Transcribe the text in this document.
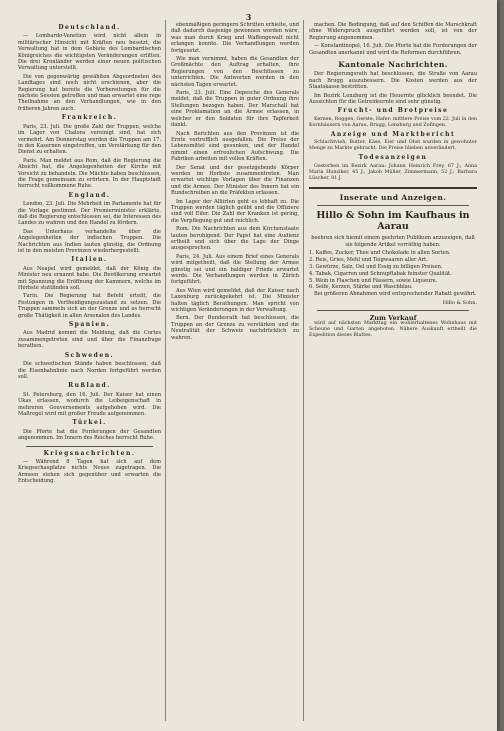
3
Deutschland.
— Lombardo-Venetien wird nicht allein in militärischer Hinsicht mit Kräften neu besetzt, die Verwaltung hat in dem Gebiete des Lombardischen Königreiches die wichtigsten Veränderungen erlitten. Die drei Kronländer werden einer neuen politischen Verwaltung unterstellt.
Die von gegenwärtig gewählten Abgeordneten des Landtages sind noch nicht erschienen, aber die Regierung hat bereits die Vorbereitungen für die nächste Session getroffen und man erwartet eine rege Theilnahme an den Verhandlungen, wie in den früheren Jahren auch.
Frankreich.
Paris, 23. Juli. Die große Zahl der Truppen, welche im Lager von Chalons vereinigt sind, hat sich vermehrt. Am Donnerstag werden die Truppen am 17. in den Kasernen eingetroffen, um Verstärkung für den Dienst zu erhalten.
Paris. Man meldet aus Rom, daß die Regierung die Absicht hat, die Angelegenheiten der Kirche mit Vorsicht zu behandeln. Die Mächte haben beschlossen, die Frage gemeinsam zu erörtern. In der Hauptstadt herrscht vollkommene Ruhe.
England.
London, 23. Juli. Die Mehrheit im Parlamente hat für die Vorlage gestimmt. Der Premierminister erklärte, daß die Regierung entschlossen sei, die Interessen des Landes zu wahren und den Handel zu fördern.
Das Unterhaus verhandelte über die Angelegenheiten der indischen Truppen. Die Nachrichten aus Indien lauten günstig, die Ordnung ist in den meisten Provinzen wiederhergestellt.
Italien.
Aus Neapel wird gemeldet, daß der König die Minister neu ernannt habe. Die Bevölkerung erwartet mit Spannung die Eröffnung der Kammern, welche im Herbste stattfinden soll.
Turin. Die Regierung hat Befehl erteilt, die Festungen in Vertheidigungszustand zu setzen. Die Truppen sammeln sich an der Grenze und es herrscht große Thätigkeit in allen Arsenalen des Landes.
Spanien.
Aus Madrid kommt die Meldung, daß die Cortes zusammengetreten sind und über die Finanzfrage berathen.
Schweden.
Die schwedischen Stände haben beschlossen, daß die Eisenbahnlinie nach Norden fortgeführt werden soll.
Rußland.
St. Petersburg, den 16. Juli. Der Kaiser hat einen Ukas erlassen, wodurch die Leibeigenschaft in mehreren Gouvernements aufgehoben wird. Die Maßregel wird mit großer Freude aufgenommen.
Türkei.
Die Pforte hat die Forderungen der Gesandten angenommen. Im Innern des Reiches herrscht Ruhe.
Kriegsnachrichten.
— Während 8 Tagen hat sich auf dem Kriegsschauplatze nichts Neues zugetragen. Die Armeen stehen sich gegenüber und erwarten die Entscheidung.
ebenmäßigen geringern Schritten erhielte, und daß dadurch dasjenige gewonnen worden wäre, was man durch Krieg und Waffengewalt nicht erlangen konnte. Die Verhandlungen werden fortgesetzt.
Wie man vernimmt, haben die Gesandten der Großmächte den Auftrag erhalten, ihre Regierungen von den Beschlüssen zu unterrichten. Die Antworten werden in den nächsten Tagen erwartet.
Paris, 23. Juli. Eine Depesche des Generals meldet, daß die Truppen in guter Ordnung ihre Stellungen bezogen haben. Der Marschall hat eine Proklamation an die Armee erlassen, in welcher er den Soldaten für ihre Tapferkeit dankt.
Nach Berichten aus den Provinzen ist die Ernte vortrefflich ausgefallen. Die Preise der Lebensmittel sind gesunken, und der Handel nimmt einen erfreulichen Aufschwung. Die Fabriken arbeiten mit vollen Kräften.
Der Senat und der gesetzgebende Körper werden im Herbste zusammentreten. Man erwartet wichtige Vorlagen über die Finanzen und die Armee. Der Minister des Innern hat ein Rundschreiben an die Präfekten erlassen.
Im Lager der Alliirten geht es lebhaft zu. Die Truppen werden täglich geübt und die Offiziere sind voll Eifer. Die Zahl der Kranken ist gering, die Verpflegung gut und reichlich.
Rom. Die Nachrichten aus dem Kirchenstaate lauten beruhigend. Der Papst hat eine Audienz ertheilt und sich über die Lage der Dinge ausgesprochen.
Paris, 24. Juli. Aus einem Brief eines Generals wird mitgetheilt, daß die Stellung der Armee günstig sei und ein baldiger Friede erwartet werde. Die Verhandlungen werden in Zürich fortgeführt.
Aus Wien wird gemeldet, daß der Kaiser nach Laxenburg zurückgekehrt ist. Die Minister halten täglich Berathungen. Man spricht von wichtigen Veränderungen in der Verwaltung.
Bern. Der Bundesrath hat beschlossen, die Truppen an der Grenze zu verstärken und die Neutralität der Schweiz nachdrücklich zu wahren.
machen. Die Bedingung, daß auf den Schiffen die Marschkraft ohne Widerspruch ausgeführt werden soll, ist von der Regierung angenommen.
— Konstantinopel, 16. Juli. Die Pforte hat die Forderungen der Gesandten anerkannt und wird die Reformen durchführen.
Kantonale Nachrichten.
Der Regierungsrath hat beschlossen, die Straße von Aarau nach Brugg auszubessern. Die Kosten werden aus der Staatskasse bestritten.
Im Bezirk Lenzburg ist die Heuernte glücklich beendet. Die Aussichten für die Getreideernte sind sehr günstig.
Frucht- und Brotpreise
Kernen, Roggen, Gerste, Hafer: mittlere Preise vom 22. Juli in den Kornhäusern von Aarau, Brugg, Lenzburg und Zofingen.
Anzeige und Marktbericht
Schlachtvieh, Butter, Käse, Eier und Obst wurden in gewohnter Menge zu Markte gebracht. Die Preise blieben unverändert.
Todesanzeigen
Gestorben im Bezirk Aarau: Johann Heinrich Frey, 67 J.; Anna Maria Hunziker, 45 J.; Jakob Müller, Zimmermann, 52 J.; Barbara Lüscher, 81 J.
Inserate und Anzeigen.
Hillo & Sohn im Kaufhaus in Aarau
beehren sich hiemit einem geehrten Publikum anzuzeigen, daß sie folgende Artikel vorräthig haben:
1. Kaffee, Zucker, Thee und Chokolade in allen Sorten.
2. Reis, Gries, Mehl und Teigwaaren aller Art.
3. Gewürze, Salz, Oel und Essig zu billigen Preisen.
4. Tabak, Cigarren und Schnupftabak feinster Qualität.
5. Wein in Flaschen und Fässern, sowie Liqueure.
6. Seife, Kerzen, Stärke und Waschblau.
Bei größeren Abnahmen wird entsprechender Rabatt gewährt.
Hillo & Sohn.
Zum Verkauf
wird auf nächsten Markttag ein wohlerhaltenes Wohnhaus mit Scheune und Garten angeboten. Nähere Auskunft ertheilt die Expedition dieses Blattes.
